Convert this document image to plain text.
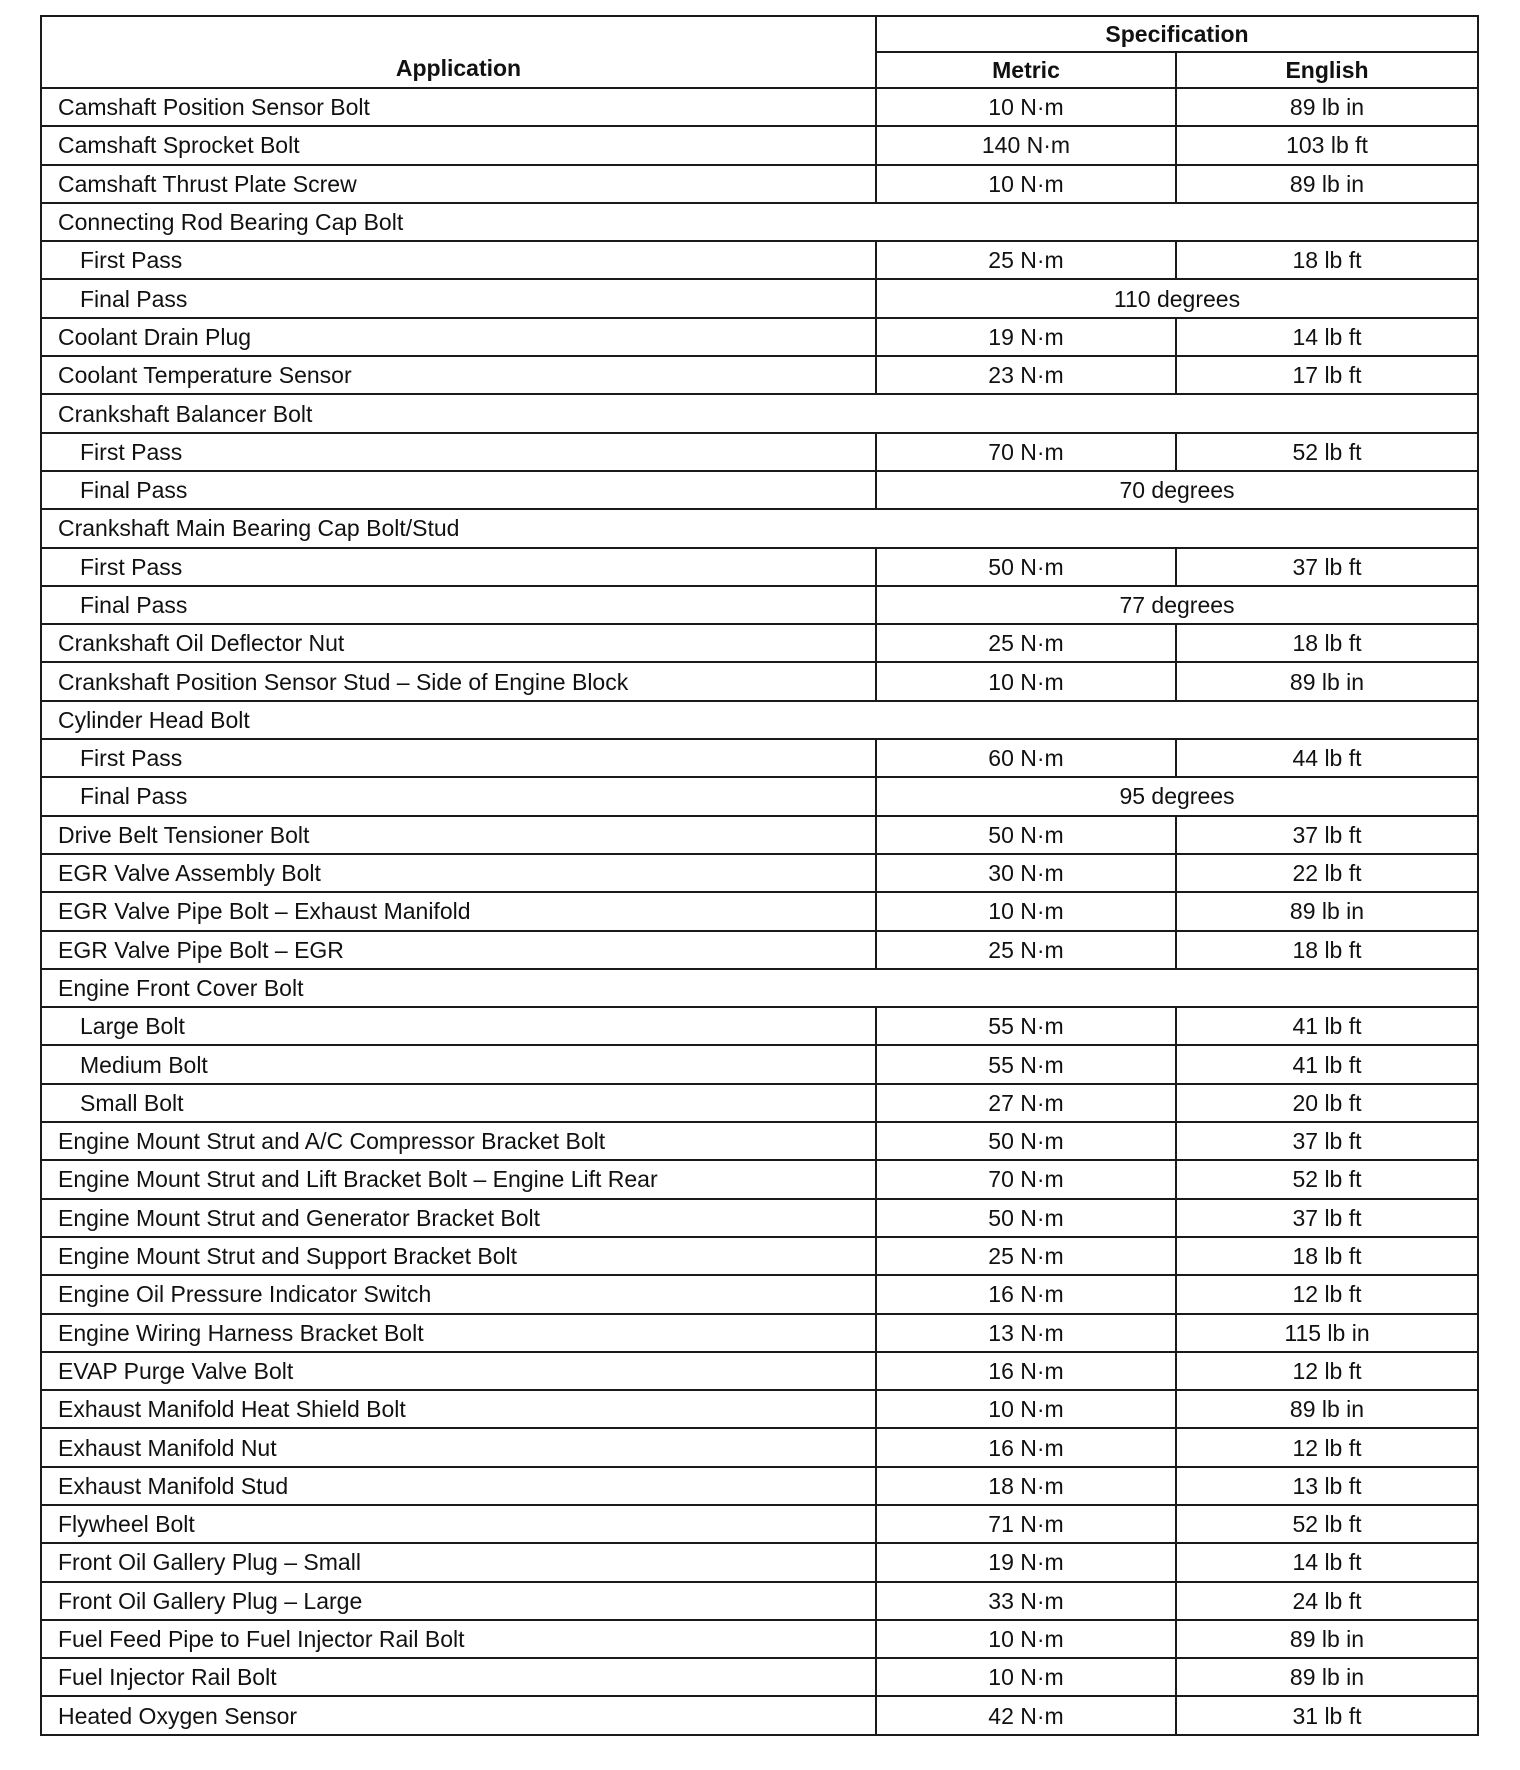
Application	Specification	
	Metric	English
Camshaft Position Sensor Bolt	10 N·m	89 lb in
Camshaft Sprocket Bolt	140 N·m	103 lb ft
Camshaft Thrust Plate Screw	10 N·m	89 lb in
Connecting Rod Bearing Cap Bolt		
First Pass	25 N·m	18 lb ft
Final Pass	110 degrees	
Coolant Drain Plug	19 N·m	14 lb ft
Coolant Temperature Sensor	23 N·m	17 lb ft
Crankshaft Balancer Bolt		
First Pass	70 N·m	52 lb ft
Final Pass	70 degrees	
Crankshaft Main Bearing Cap Bolt/Stud		
First Pass	50 N·m	37 lb ft
Final Pass	77 degrees	
Crankshaft Oil Deflector Nut	25 N·m	18 lb ft
Crankshaft Position Sensor Stud – Side of Engine Block	10 N·m	89 lb in
Cylinder Head Bolt		
First Pass	60 N·m	44 lb ft
Final Pass	95 degrees	
Drive Belt Tensioner Bolt	50 N·m	37 lb ft
EGR Valve Assembly Bolt	30 N·m	22 lb ft
EGR Valve Pipe Bolt – Exhaust Manifold	10 N·m	89 lb in
EGR Valve Pipe Bolt – EGR	25 N·m	18 lb ft
Engine Front Cover Bolt		
Large Bolt	55 N·m	41 lb ft
Medium Bolt	55 N·m	41 lb ft
Small Bolt	27 N·m	20 lb ft
Engine Mount Strut and A/C Compressor Bracket Bolt	50 N·m	37 lb ft
Engine Mount Strut and Lift Bracket Bolt – Engine Lift Rear	70 N·m	52 lb ft
Engine Mount Strut and Generator Bracket Bolt	50 N·m	37 lb ft
Engine Mount Strut and Support Bracket Bolt	25 N·m	18 lb ft
Engine Oil Pressure Indicator Switch	16 N·m	12 lb ft
Engine Wiring Harness Bracket Bolt	13 N·m	115 lb in
EVAP Purge Valve Bolt	16 N·m	12 lb ft
Exhaust Manifold Heat Shield Bolt	10 N·m	89 lb in
Exhaust Manifold Nut	16 N·m	12 lb ft
Exhaust Manifold Stud	18 N·m	13 lb ft
Flywheel Bolt	71 N·m	52 lb ft
Front Oil Gallery Plug – Small	19 N·m	14 lb ft
Front Oil Gallery Plug – Large	33 N·m	24 lb ft
Fuel Feed Pipe to Fuel Injector Rail Bolt	10 N·m	89 lb in
Fuel Injector Rail Bolt	10 N·m	89 lb in
Heated Oxygen Sensor	42 N·m	31 lb ft
